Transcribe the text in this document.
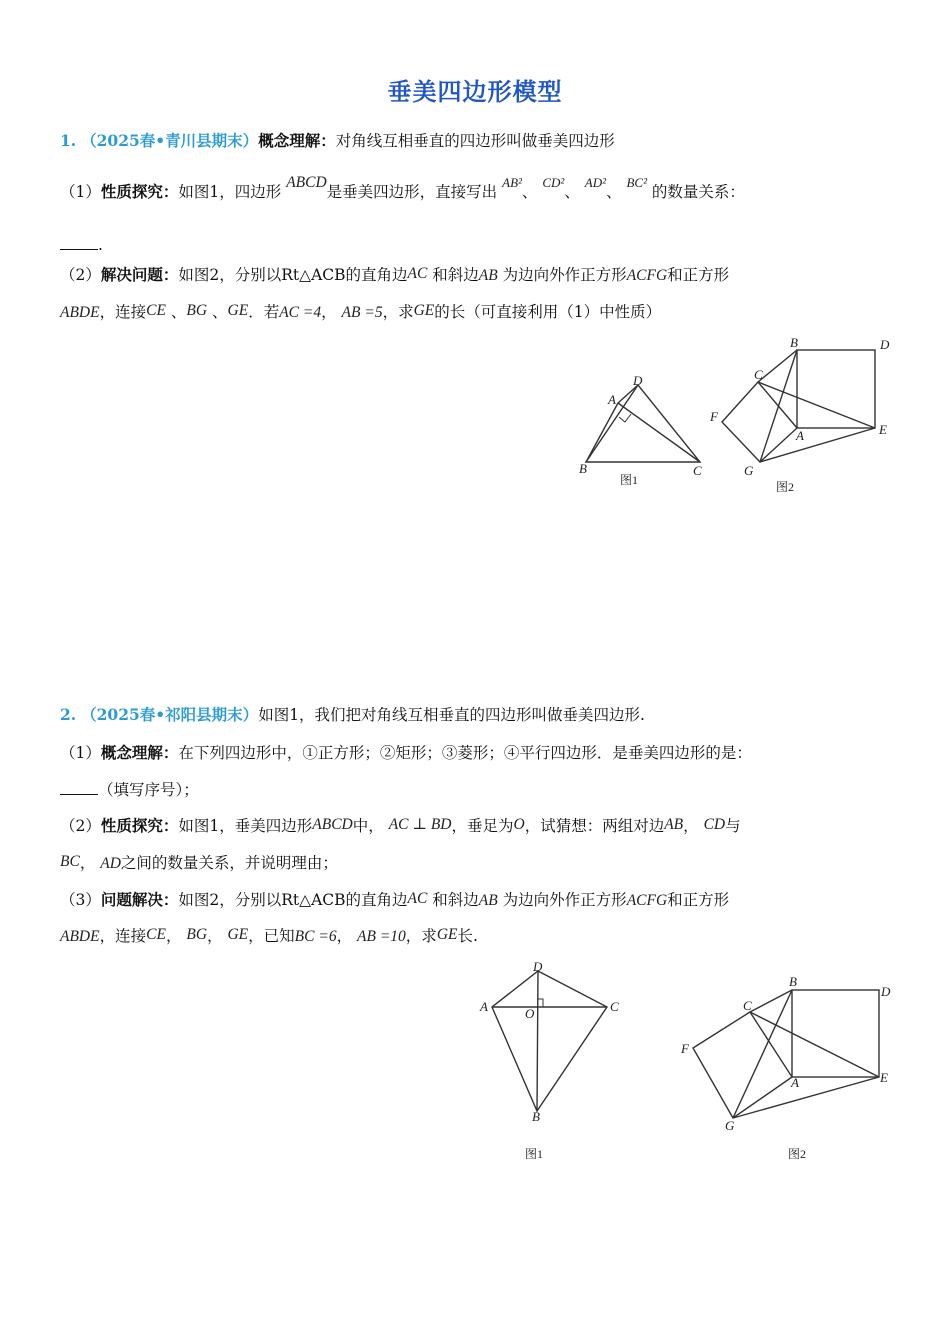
垂美四边形模型
1. （2025春•青川县期末）概念理解：对角线互相垂直的四边形叫做垂美四边形
（1）性质探究：如图1，四边形 ABCD是垂美四边形，直接写出 $^{AB^2}$、 $^{CD^2}$、 $^{AD^2}$、 $^{BC^2}$ 的数量关系：
.
（2）解决问题：如图2，分别以Rt△ACB的直角边AC 和斜边AB 为边向外作正方形ACFG和正方形
ABDE，连接CE 、BG 、GE．若AC =4， AB =5，求GE的长（可直接利用（1）中性质）
A
D
B	C
图1
B	D
C
F
A	E
G
图2
2. （2025春•祁阳县期末）如图1，我们把对角线互相垂直的四边形叫做垂美四边形.
（1）概念理解：在下列四边形中，①正方形；②矩形；③菱形；④平行四边形．是垂美四边形的是：
（填写序号）；
（2）性质探究：如图1，垂美四边形ABCD中， AC ⊥ BD，垂足为O，试猜想：两组对边AB， CD与
BC， AD之间的数量关系，并说明理由；
（3）问题解决：如图2，分别以Rt△ACB的直角边AC 和斜边AB 为边向外作正方形ACFG和正方形
ABDE，连接CE， BG， GE，已知BC =6， AB =10，求GE长.
D
A	O	C
B
图1
B
D
C
F
A	E
G
图2
